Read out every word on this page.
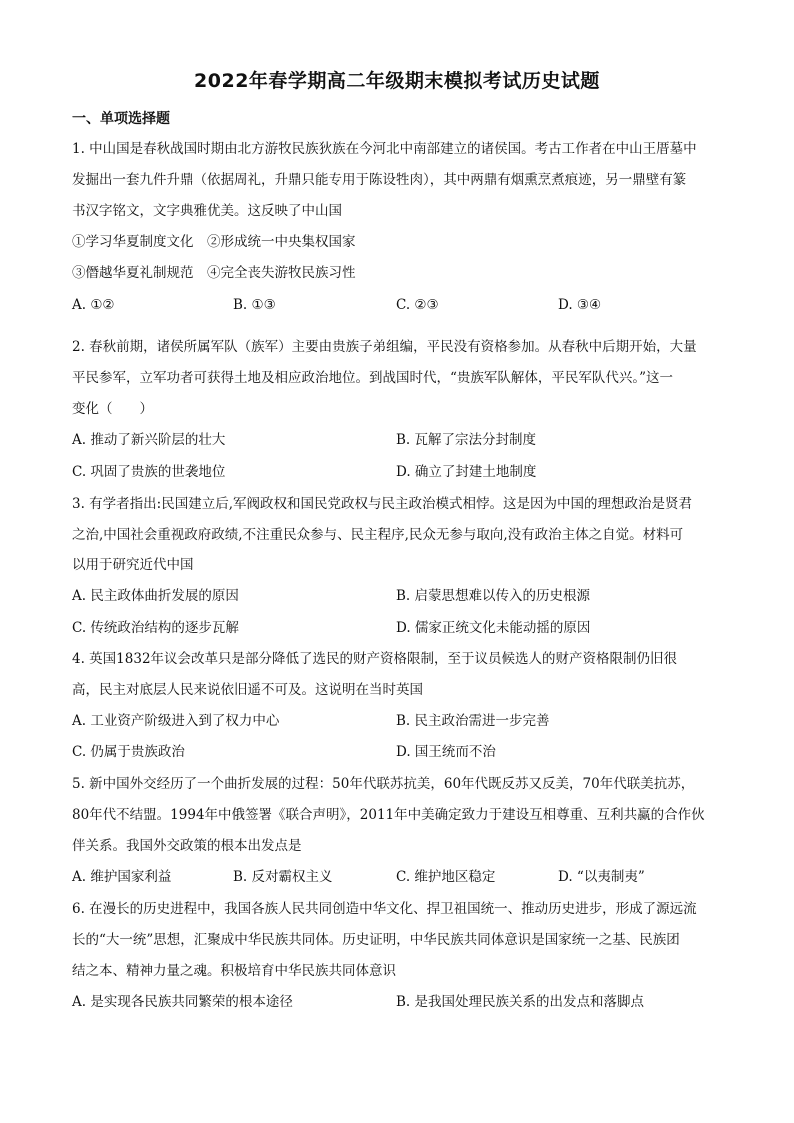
2022年春学期高二年级期末模拟考试历史试题
一、单项选择题
1. 中山国是春秋战国时期由北方游牧民族狄族在今河北中南部建立的诸侯国。考古工作者在中山王厝墓中
发掘出一套九件升鼎（依据周礼，升鼎只能专用于陈设牲肉），其中两鼎有烟熏烹煮痕迹，另一鼎壁有篆
书汉字铭文，文字典雅优美。这反映了中山国
①学习华夏制度文化　②形成统一中央集权国家
③僭越华夏礼制规范　④完全丧失游牧民族习性
A. ①②	B. ①③	C. ②③	D. ③④
2. 春秋前期，诸侯所属军队（族军）主要由贵族子弟组编，平民没有资格参加。从春秋中后期开始，大量
平民参军，立军功者可获得土地及相应政治地位。到战国时代，“贵族军队解体，平民军队代兴。”这一
变化（　　）
A. 推动了新兴阶层的壮大	B. 瓦解了宗法分封制度
C. 巩固了贵族的世袭地位	D. 确立了封建土地制度
3. 有学者指出:民国建立后,军阀政权和国民党政权与民主政治模式相悖。这是因为中国的理想政治是贤君
之治,中国社会重视政府政绩,不注重民众参与、民主程序,民众无参与取向,没有政治主体之自觉。材料可
以用于研究近代中国
A. 民主政体曲折发展的原因	B. 启蒙思想难以传入的历史根源
C. 传统政治结构的逐步瓦解	D. 儒家正统文化未能动摇的原因
4. 英国1832年议会改革只是部分降低了选民的财产资格限制，至于议员候选人的财产资格限制仍旧很
高，民主对底层人民来说依旧遥不可及。这说明在当时英国
A. 工业资产阶级进入到了权力中心	B. 民主政治需进一步完善
C. 仍属于贵族政治	D. 国王统而不治
5. 新中国外交经历了一个曲折发展的过程：50年代联苏抗美，60年代既反苏又反美，70年代联美抗苏，
80年代不结盟。1994年中俄签署《联合声明》，2011年中美确定致力于建设互相尊重、互利共赢的合作伙
伴关系。我国外交政策的根本出发点是
A. 维护国家利益	B. 反对霸权主义	C. 维护地区稳定	D. “以夷制夷”
6. 在漫长的历史进程中，我国各族人民共同创造中华文化、捍卫祖国统一、推动历史进步，形成了源远流
长的“大一统”思想，汇聚成中华民族共同体。历史证明，中华民族共同体意识是国家统一之基、民族团
结之本、精神力量之魂。积极培育中华民族共同体意识
A. 是实现各民族共同繁荣的根本途径	B. 是我国处理民族关系的出发点和落脚点
